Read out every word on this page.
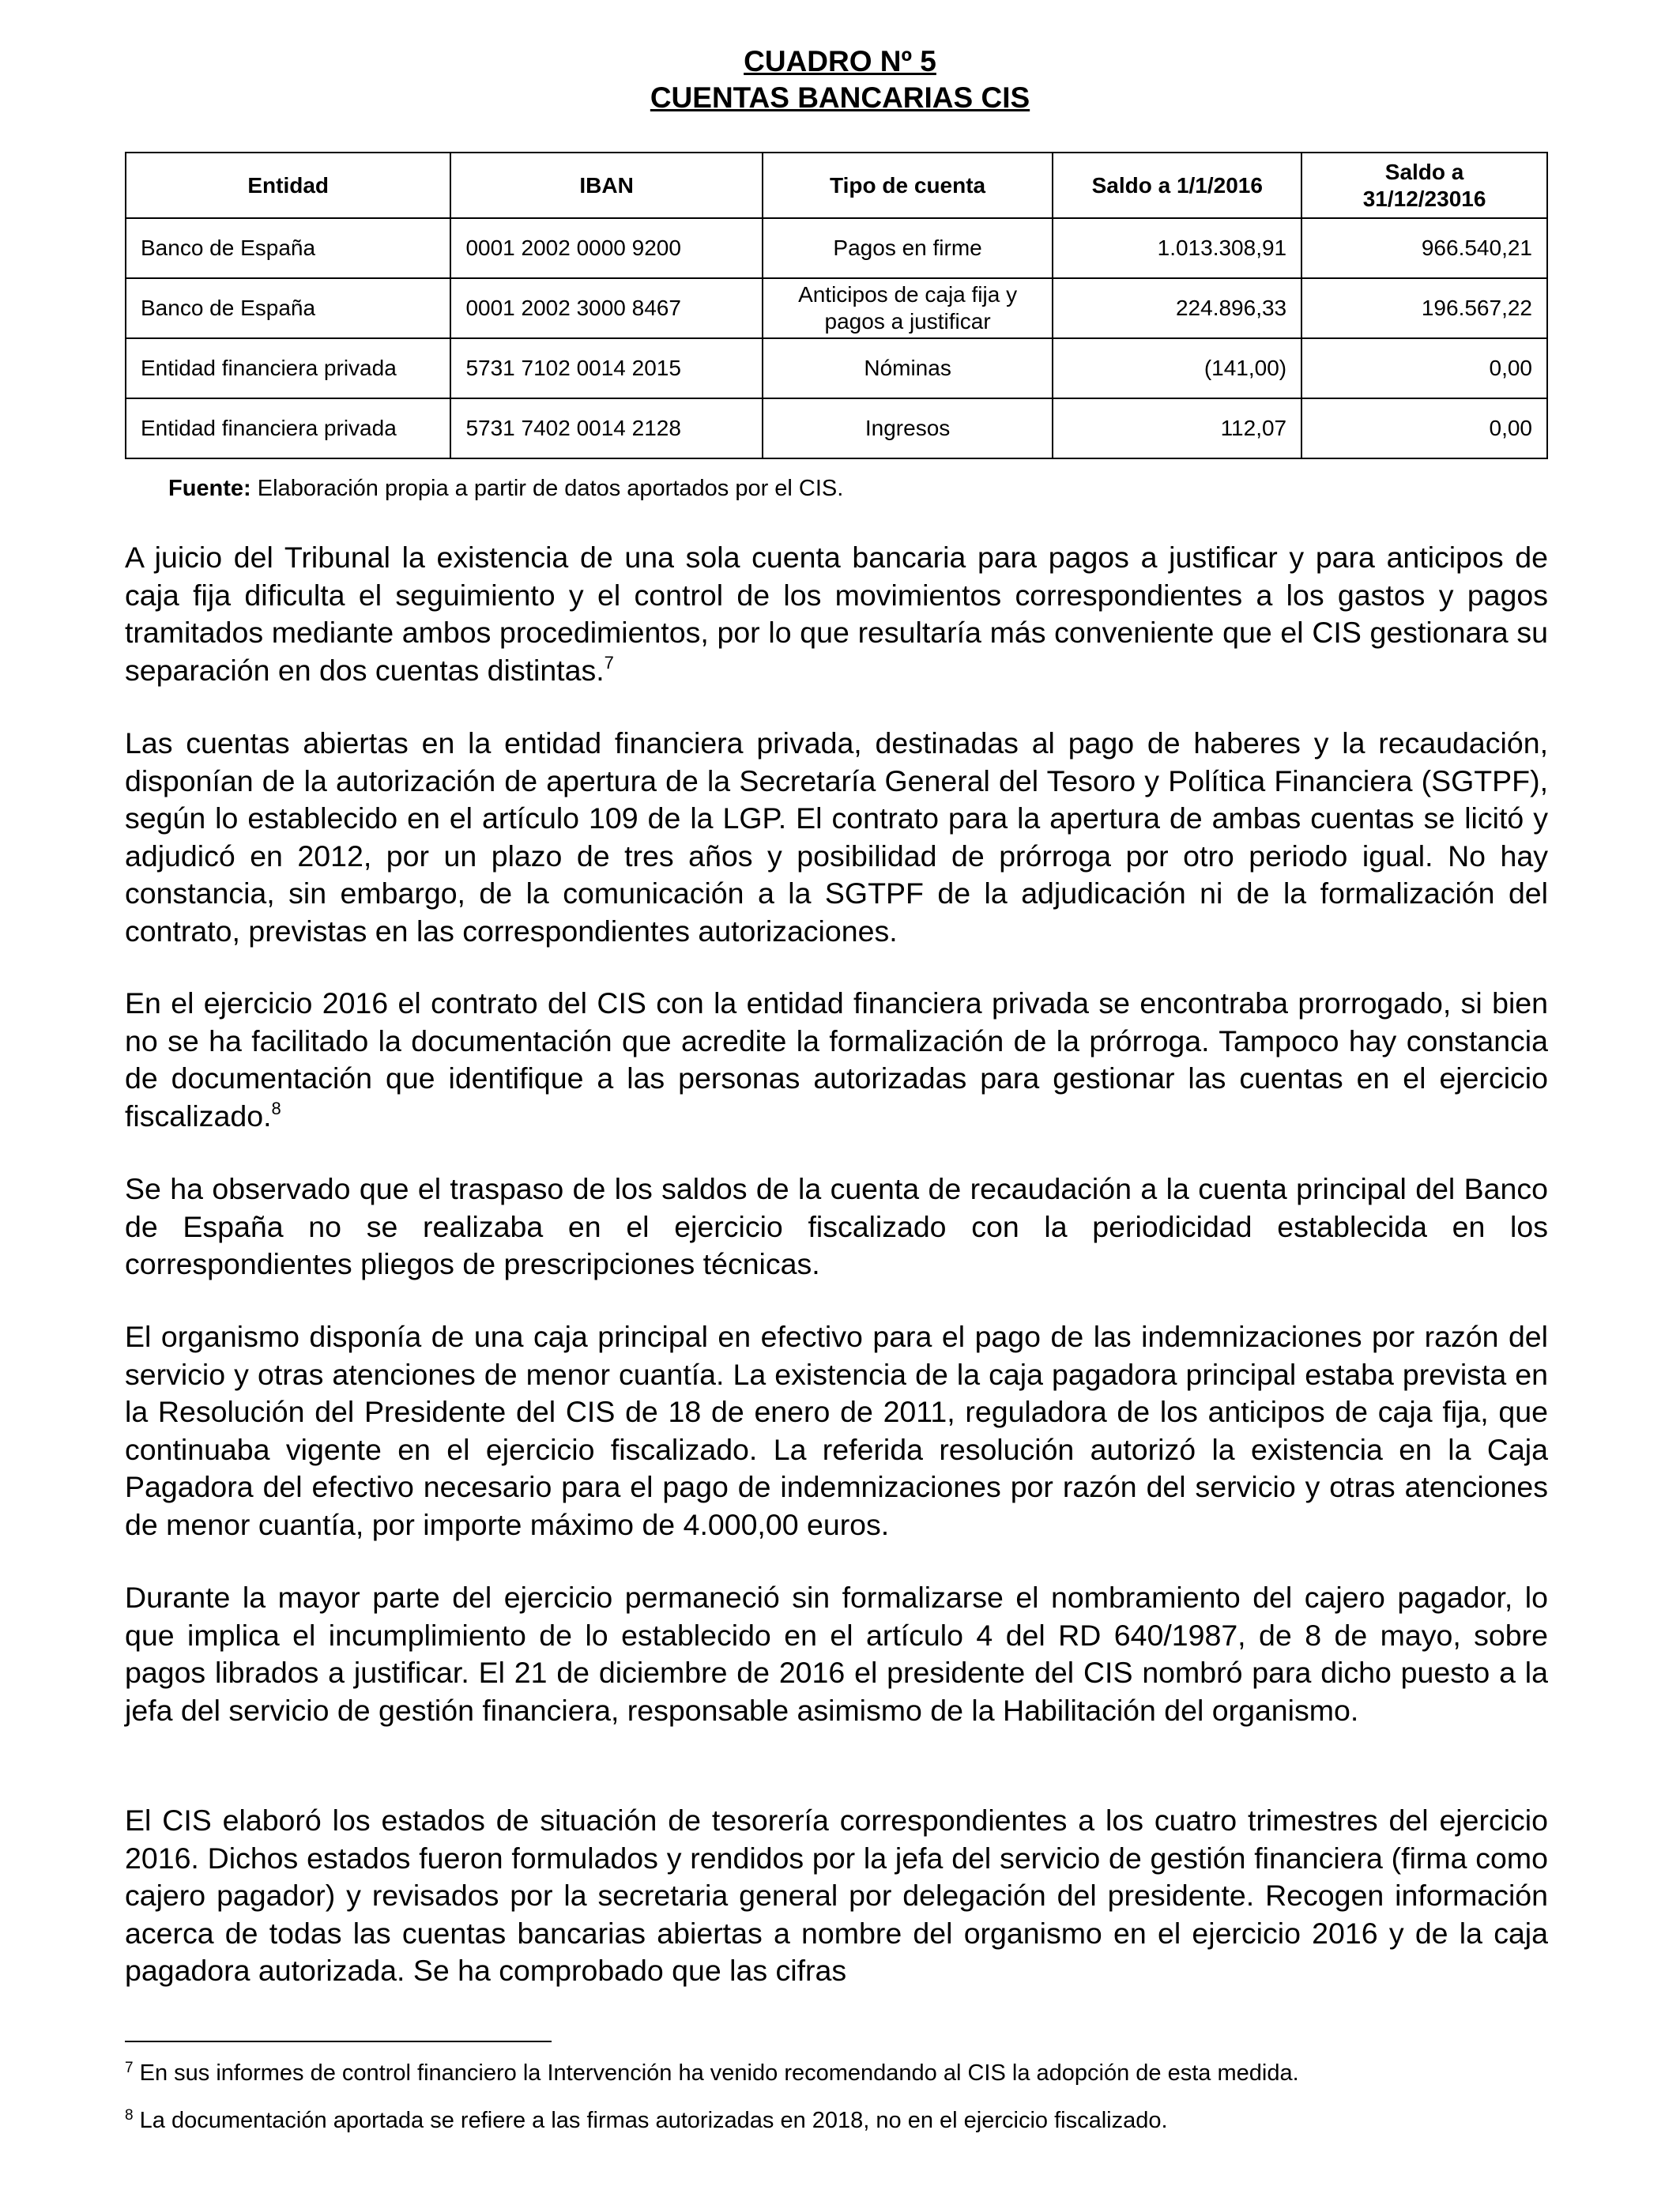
CUADRO Nº 5
CUENTAS BANCARIAS CIS
Entidad	IBAN	Tipo de cuenta	Saldo a 1/1/2016	Saldo a 31/12/23016
Banco de España	0001 2002 0000 9200	Pagos en firme	1.013.308,91	966.540,21
Banco de España	0001 2002 3000 8467	Anticipos de caja fija y pagos a justificar	224.896,33	196.567,22
Entidad financiera privada	5731 7102 0014 2015	Nóminas	(141,00)	0,00
Entidad financiera privada	5731 7402 0014 2128	Ingresos	112,07	0,00
Fuente: Elaboración propia a partir de datos aportados por el CIS.

A juicio del Tribunal la existencia de una sola cuenta bancaria para pagos a justificar y para anticipos de caja fija dificulta el seguimiento y el control de los movimientos correspondientes a los gastos y pagos tramitados mediante ambos procedimientos, por lo que resultaría más conveniente que el CIS gestionara su separación en dos cuentas distintas.$^7$

Las cuentas abiertas en la entidad financiera privada, destinadas al pago de haberes y la recaudación, disponían de la autorización de apertura de la Secretaría General del Tesoro y Política Financiera (SGTPF), según lo establecido en el artículo 109 de la LGP. El contrato para la apertura de ambas cuentas se licitó y adjudicó en 2012, por un plazo de tres años y posibilidad de prórroga por otro periodo igual. No hay constancia, sin embargo, de la comunicación a la SGTPF de la adjudicación ni de la formalización del contrato, previstas en las correspondientes autorizaciones.

En el ejercicio 2016 el contrato del CIS con la entidad financiera privada se encontraba prorrogado, si bien no se ha facilitado la documentación que acredite la formalización de la prórroga. Tampoco hay constancia de documentación que identifique a las personas autorizadas para gestionar las cuentas en el ejercicio fiscalizado.$^8$

Se ha observado que el traspaso de los saldos de la cuenta de recaudación a la cuenta principal del Banco de España no se realizaba en el ejercicio fiscalizado con la periodicidad establecida en los correspondientes pliegos de prescripciones técnicas.

El organismo disponía de una caja principal en efectivo para el pago de las indemnizaciones por razón del servicio y otras atenciones de menor cuantía. La existencia de la caja pagadora principal estaba prevista en la Resolución del Presidente del CIS de 18 de enero de 2011, reguladora de los anticipos de caja fija, que continuaba vigente en el ejercicio fiscalizado. La referida resolución autorizó la existencia en la Caja Pagadora del efectivo necesario para el pago de indemnizaciones por razón del servicio y otras atenciones de menor cuantía, por importe máximo de 4.000,00 euros.

Durante la mayor parte del ejercicio permaneció sin formalizarse el nombramiento del cajero pagador, lo que implica el incumplimiento de lo establecido en el artículo 4 del RD 640/1987, de 8 de mayo, sobre pagos librados a justificar. El 21 de diciembre de 2016 el presidente del CIS nombró para dicho puesto a la jefa del servicio de gestión financiera, responsable asimismo de la Habilitación del organismo.

El CIS elaboró los estados de situación de tesorería correspondientes a los cuatro trimestres del ejercicio 2016. Dichos estados fueron formulados y rendidos por la jefa del servicio de gestión financiera (firma como cajero pagador) y revisados por la secretaria general por delegación del presidente. Recogen información acerca de todas las cuentas bancarias abiertas a nombre del organismo en el ejercicio 2016 y de la caja pagadora autorizada. Se ha comprobado que las cifras

$^7$ En sus informes de control financiero la Intervención ha venido recomendando al CIS la adopción de esta medida.
$^8$ La documentación aportada se refiere a las firmas autorizadas en 2018, no en el ejercicio fiscalizado.
